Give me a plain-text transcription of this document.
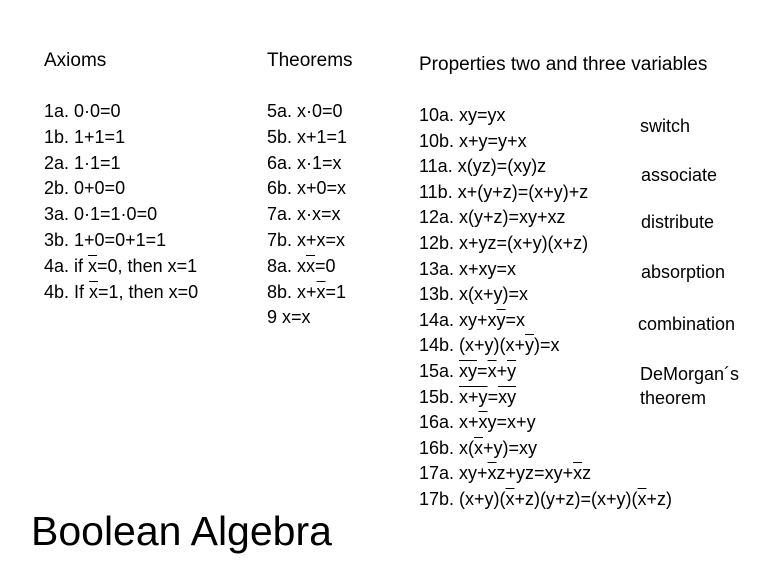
Axioms	Theorems	Properties two and three variables
1a. 0·0=0
1b. 1+1=1
2a. 1·1=1
2b. 0+0=0
3a. 0·1=1·0=0
3b. 1+0=0+1=1
4a. if $\overline{x}=0$, then x=1
4b. If $\overline{x}=1$, then x=0
5a. x·0=0
5b. x+1=1
6a. x·1=x
6b. x+0=x
7a. x·x=x
7b. x+x=x
8a. $x\overline{x}=0$
8b. $x+\overline{x}=1$
9 x=x
10a. xy=yx
10b. x+y=y+x
11a. x(yz)=(xy)z
11b. x+(y+z)=(x+y)+z
12a. x(y+z)=xy+xz
12b. x+yz=(x+y)(x+z)
13a. x+xy=x
13b. x(x+y)=x
14a. $xy+x\overline{y}=x$
14b. $(x+y)(x+\overline{y})=x$
15a. $\overline{xy}=\overline{x}+\overline{y}$
15b. $x+y=\overline{x}\overline{y}$
16a. $x+\overline{x}y=x+y$
16b. $x(\overline{x}+y)=xy$
17a. $xy+\overline{x}z+yz=xy+\overline{x}z$
17b. $(x+y)(\overline{x}+z)(y+z)=(x+y)(\overline{x}+z)$
switch
associate
distribute
absorption
combination
DeMorgan´s
theorem
Boolean Algebra
